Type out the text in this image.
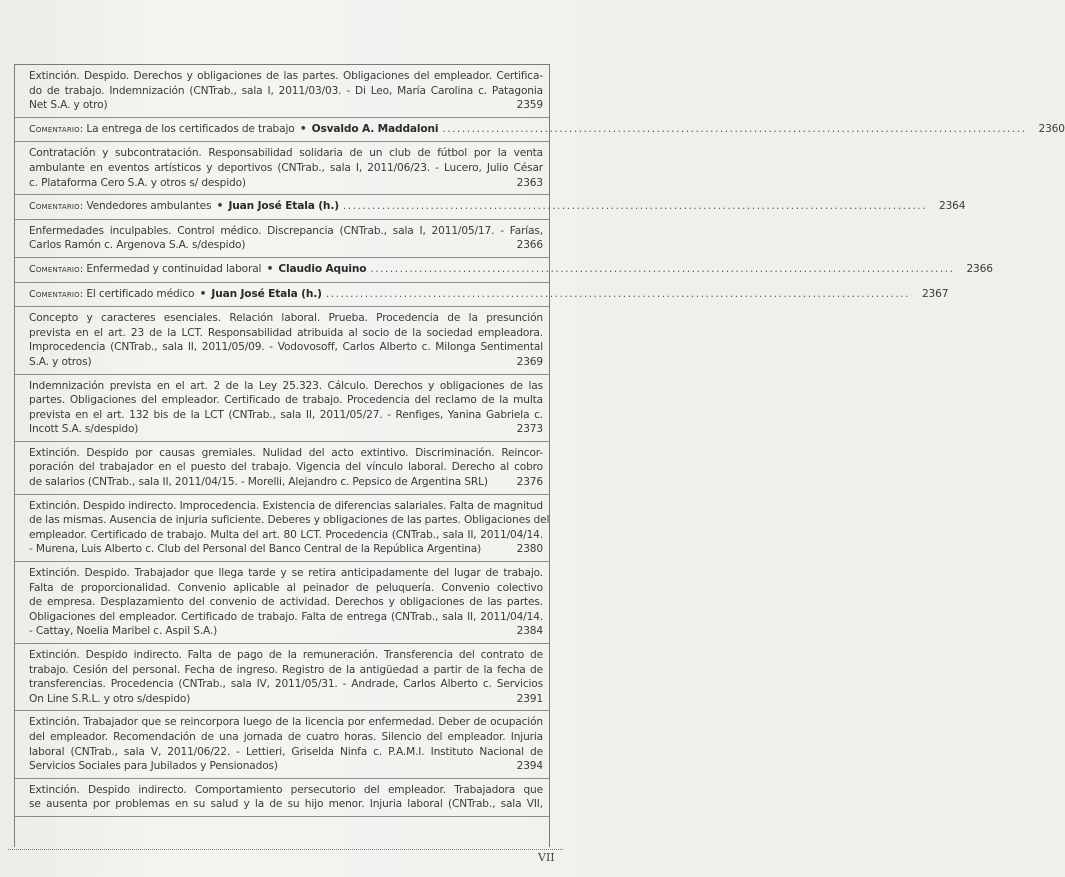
Extinción. Despido. Derechos y obligaciones de las partes. Obligaciones del empleador. Certifica-
do de trabajo. Indemnización (CNTrab., sala I, 2011/03/03. - Di Leo, María Carolina c. Patagonia
Net S.A. y otro)	2359
Comentario: La entrega de los certificados de trabajo • Osvaldo A. Maddaloni ........................................................................................................................	2360
Contratación y subcontratación. Responsabilidad solidaria de un club de fútbol por la venta
ambulante en eventos artísticos y deportivos (CNTrab., sala I, 2011/06/23. - Lucero, Julio César
c. Plataforma Cero S.A. y otros s/ despido)	2363
Comentario: Vendedores ambulantes • Juan José Etala (h.) ........................................................................................................................	2364
Enfermedades inculpables. Control médico. Discrepancia (CNTrab., sala I, 2011/05/17. - Farías,
Carlos Ramón c. Argenova S.A. s/despido)	2366
Comentario: Enfermedad y continuidad laboral • Claudio Aquino ........................................................................................................................	2366
Comentario: El certificado médico • Juan José Etala (h.) ........................................................................................................................	2367
Concepto y caracteres esenciales. Relación laboral. Prueba. Procedencia de la presunción
prevista en el art. 23 de la LCT. Responsabilidad atribuida al socio de la sociedad empleadora.
Improcedencia (CNTrab., sala II, 2011/05/09. - Vodovosoff, Carlos Alberto c. Milonga Sentimental
S.A. y otros)	2369
Indemnización prevista en el art. 2 de la Ley 25.323. Cálculo. Derechos y obligaciones de las
partes. Obligaciones del empleador. Certificado de trabajo. Procedencia del reclamo de la multa
prevista en el art. 132 bis de la LCT (CNTrab., sala II, 2011/05/27. - Renfiges, Yanina Gabriela c.
Incott S.A. s/despido)	2373
Extinción. Despido por causas gremiales. Nulidad del acto extintivo. Discriminación. Reincor-
poración del trabajador en el puesto del trabajo. Vigencia del vínculo laboral. Derecho al cobro
de salarios (CNTrab., sala II, 2011/04/15. - Morelli, Alejandro c. Pepsico de Argentina SRL)	2376
Extinción. Despido indirecto. Improcedencia. Existencia de diferencias salariales. Falta de magnitud
de las mismas. Ausencia de injuria suficiente. Deberes y obligaciones de las partes. Obligaciones del
empleador. Certificado de trabajo. Multa del art. 80 LCT. Procedencia (CNTrab., sala II, 2011/04/14.
- Murena, Luis Alberto c. Club del Personal del Banco Central de la República Argentina)	2380
Extinción. Despido. Trabajador que llega tarde y se retira anticipadamente del lugar de trabajo.
Falta de proporcionalidad. Convenio aplicable al peinador de peluquería. Convenio colectivo
de empresa. Desplazamiento del convenio de actividad. Derechos y obligaciones de las partes.
Obligaciones del empleador. Certificado de trabajo. Falta de entrega (CNTrab., sala II, 2011/04/14.
- Cattay, Noelia Maribel c. Aspil S.A.)	2384
Extinción. Despido indirecto. Falta de pago de la remuneración. Transferencia del contrato de
trabajo. Cesión del personal. Fecha de ingreso. Registro de la antigüedad a partir de la fecha de
transferencias. Procedencia (CNTrab., sala IV, 2011/05/31. - Andrade, Carlos Alberto c. Servicios
On Line S.R.L. y otro s/despido)	2391
Extinción. Trabajador que se reincorpora luego de la licencia por enfermedad. Deber de ocupación
del empleador. Recomendación de una jornada de cuatro horas. Silencio del empleador. Injuria
laboral (CNTrab., sala V, 2011/06/22. - Lettieri, Griselda Ninfa c. P.A.M.I. Instituto Nacional de
Servicios Sociales para Jubilados y Pensionados)	2394
Extinción. Despido indirecto. Comportamiento persecutorio del empleador. Trabajadora que
se ausenta por problemas en su salud y la de su hijo menor. Injuria laboral (CNTrab., sala VII,
VII
